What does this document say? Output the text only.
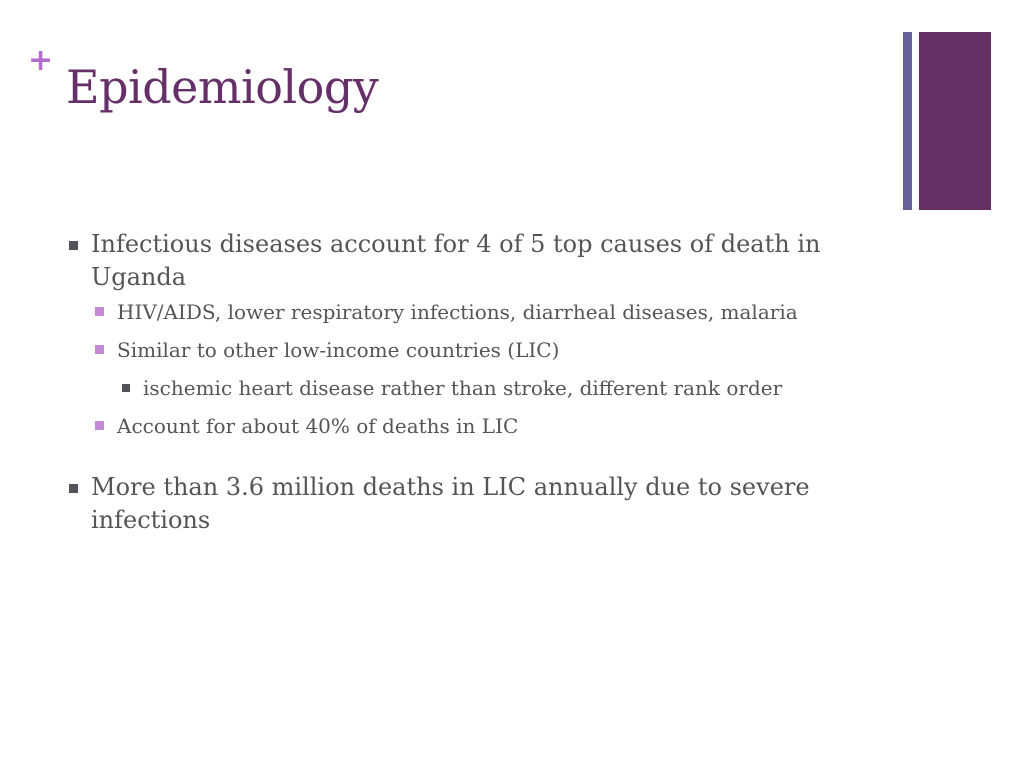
+ Epidemiology
Infectious diseases account for 4 of 5 top causes of death in Uganda
HIV/AIDS, lower respiratory infections, diarrheal diseases, malaria
Similar to other low-income countries (LIC)
ischemic heart disease rather than stroke, different rank order
Account for about 40% of deaths in LIC
More than 3.6 million deaths in LIC annually due to severe infections
